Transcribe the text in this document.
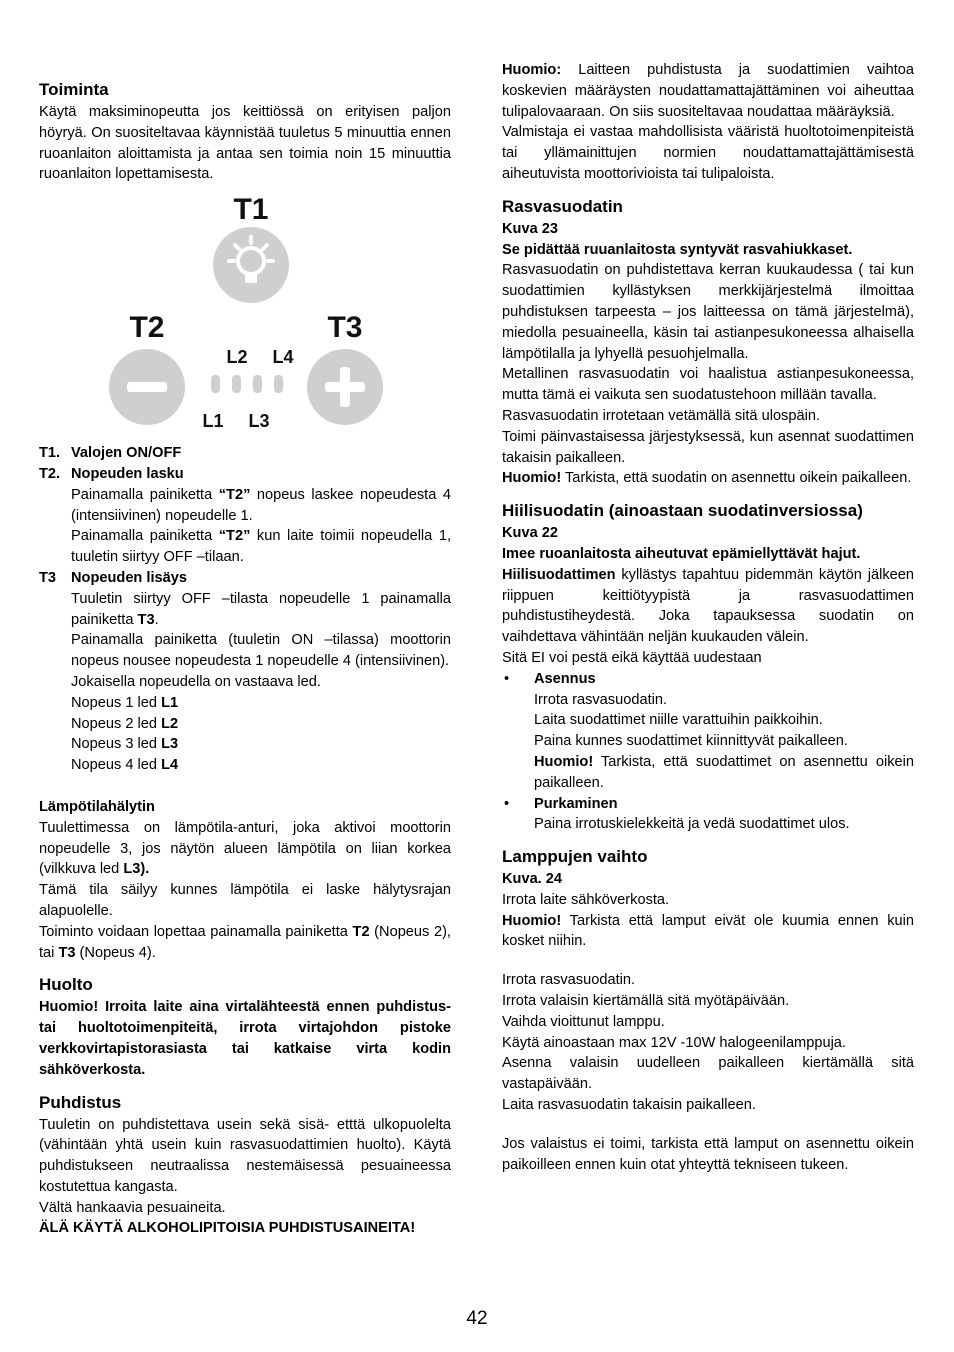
Toiminta

Käytä maksiminopeutta jos keittiössä on erityisen paljon höyryä. On suositeltavaa käynnistää tuuletus 5 minuuttia ennen ruoanlaiton aloittamista ja antaa sen toimia noin 15 minuuttia ruoanlaiton lopettamisesta.

T1
T2	T3
L2 L4
L1 L3
T1. Valojen ON/OFF
T2. Nopeuden lasku

Painamalla painiketta “T2” nopeus laskee nopeudesta 4 (intensiivinen) nopeudelle 1.

Painamalla painiketta “T2” kun laite toimii nopeudella 1, tuuletin siirtyy OFF –tilaan.

T3	Nopeuden lisäys

Tuuletin siirtyy OFF –tilasta nopeudelle 1 painamalla painiketta T3.

Painamalla painiketta (tuuletin ON –tilassa) moottorin nopeus nousee nopeudesta 1 nopeudelle 4 (intensiivinen).

Jokaisella nopeudella on vastaava led.

Nopeus 1 led L1

Nopeus 2 led L2

Nopeus 3 led L3

Nopeus 4 led L4

Lämpötilahälytin

Tuulettimessa on lämpötila-anturi, joka aktivoi moottorin nopeudelle 3, jos näytön alueen lämpötila on liian korkea (vilkkuva led L3).

Tämä tila säilyy kunnes lämpötila ei laske hälytysrajan alapuolelle.

Toiminto voidaan lopettaa painamalla painiketta T2 (Nopeus 2), tai T3 (Nopeus 4).

Huolto

Huomio! Irroita laite aina virtalähteestä ennen puhdistus- tai huoltotoimenpiteitä, irrota virtajohdon pistoke verkkovirtapistorasiasta tai katkaise virta kodin sähköverkosta.

Puhdistus

Tuuletin on puhdistettava usein sekä sisä- etttä ulkopuolelta (vähintään yhtä usein kuin rasvasuodattimien huolto). Käytä puhdistukseen neutraalissa nestemäisessä pesuaineessa kostutettua kangasta.

Vältä hankaavia pesuaineita.

ÄLÄ KÄYTÄ ALKOHOLIPITOISIA PUHDISTUSAINEITA!

Huomio: Laitteen puhdistusta ja suodattimien vaihtoa koskevien määräysten noudattamattajättäminen voi aiheuttaa tulipalovaaraan. On siis suositeltavaa noudattaa määräyksiä.

Valmistaja ei vastaa mahdollisista vääristä huoltotoimenpiteistä tai yllämainittujen normien noudattamattajättämisestä aiheutuvista moottorivioista tai tulipaloista.

Rasvasuodatin

Kuva 23

Se pidättää ruuanlaitosta syntyvät rasvahiukkaset.

Rasvasuodatin on puhdistettava kerran kuukaudessa ( tai kun suodattimien kyllästyksen merkkijärjestelmä ilmoittaa puhdistuksen tarpeesta – jos laitteessa on tämä järjestelmä), miedolla pesuaineella, käsin tai astianpesukoneessa alhaisella lämpötilalla ja lyhyellä pesuohjelmalla.

Metallinen rasvasuodatin voi haalistua astianpesukoneessa, mutta tämä ei vaikuta sen suodatustehoon millään tavalla.

Rasvasuodatin irrotetaan vetämällä sitä ulospäin.

Toimi päinvastaisessa järjestyksessä, kun asennat suodattimen takaisin paikalleen.

Huomio! Tarkista, että suodatin on asennettu oikein paikalleen.

Hiilisuodatin (ainoastaan suodatinversiossa)

Kuva 22

Imee ruoanlaitosta aiheutuvat epämiellyttävät hajut.

Hiilisuodattimen kyllästys tapahtuu pidemmän käytön jälkeen riippuen keittiötyypistä ja rasvasuodattimen puhdistustiheydestä. Joka tapauksessa suodatin on vaihdettava vähintään neljän kuukauden välein.

Sitä EI voi pestä eikä käyttää uudestaan

•	Asennus

Irrota rasvasuodatin.

Laita suodattimet niille varattuihin paikkoihin.

Paina kunnes suodattimet kiinnittyvät paikalleen.

Huomio! Tarkista, että suodattimet on asennettu oikein paikalleen.

•	Purkaminen

Paina irrotuskielekkeitä ja vedä suodattimet ulos.

Lamppujen vaihto

Kuva. 24

Irrota laite sähköverkosta.

Huomio! Tarkista että lamput eivät ole kuumia ennen kuin kosket niihin.

Irrota rasvasuodatin.

Irrota valaisin kiertämällä sitä myötäpäivään.

Vaihda vioittunut lamppu.

Käytä ainoastaan max 12V -10W halogeenilamppuja.

Asenna valaisin uudelleen paikalleen kiertämällä sitä vastapäivään.

Laita rasvasuodatin takaisin paikalleen.

Jos valaistus ei toimi, tarkista että lamput on asennettu oikein paikoilleen ennen kuin otat yhteyttä tekniseen tukeen.

42
